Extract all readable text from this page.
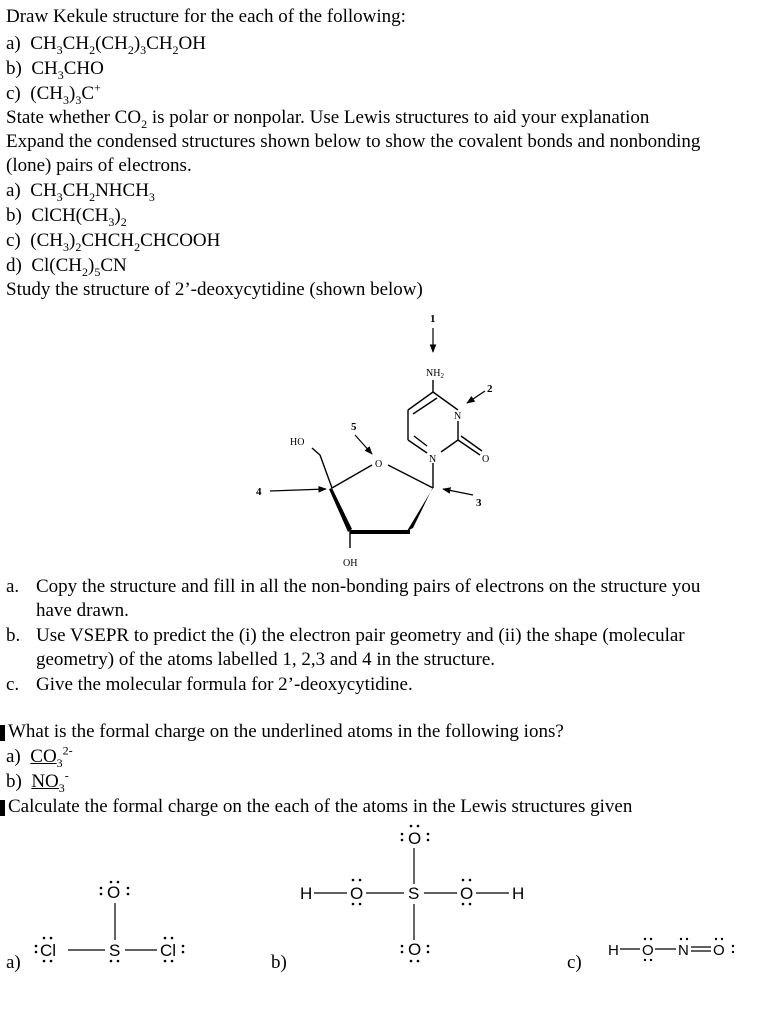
Draw Kekule structure for the each of the following:
a) $CH_3CH_2(CH_2)_3CH_2OH$
b) $CH_3CHO$
c) $(CH_3)_3C^+$
State whether $CO_2$ is polar or nonpolar. Use Lewis structures to aid your explanation
Expand the condensed structures shown below to show the covalent bonds and nonbonding
(lone) pairs of electrons.
a) $CH_3CH_2NHCH_3$
b) $ClCH(CH_3)_2$
c) $(CH_3)_2CHCH_2CHCOOH$
d) $Cl(CH_2)_5CN$
Study the structure of 2’-deoxycytidine (shown below)
$NH_2$
N
N	O
O
HO
OH
1
2
3
4
5
a. Copy the structure and fill in all the non-bonding pairs of electrons on the structure you
have drawn.
b. Use VSEPR to predict the (i) the electron pair geometry and (ii) the shape (molecular
geometry) of the atoms labelled 1, 2,3 and 4 in the structure.
c. Give the molecular formula for 2’-deoxycytidine.
What is the formal charge on the underlined atoms in the following ions?
a) $CO_3^{2-}$
b) $NO_3^-$
Calculate the formal charge on the each of the atoms in the Lewis structures given
O
S
Cl	Cl
O
H O	S O H
O	H O N O
a)	b)	c)
